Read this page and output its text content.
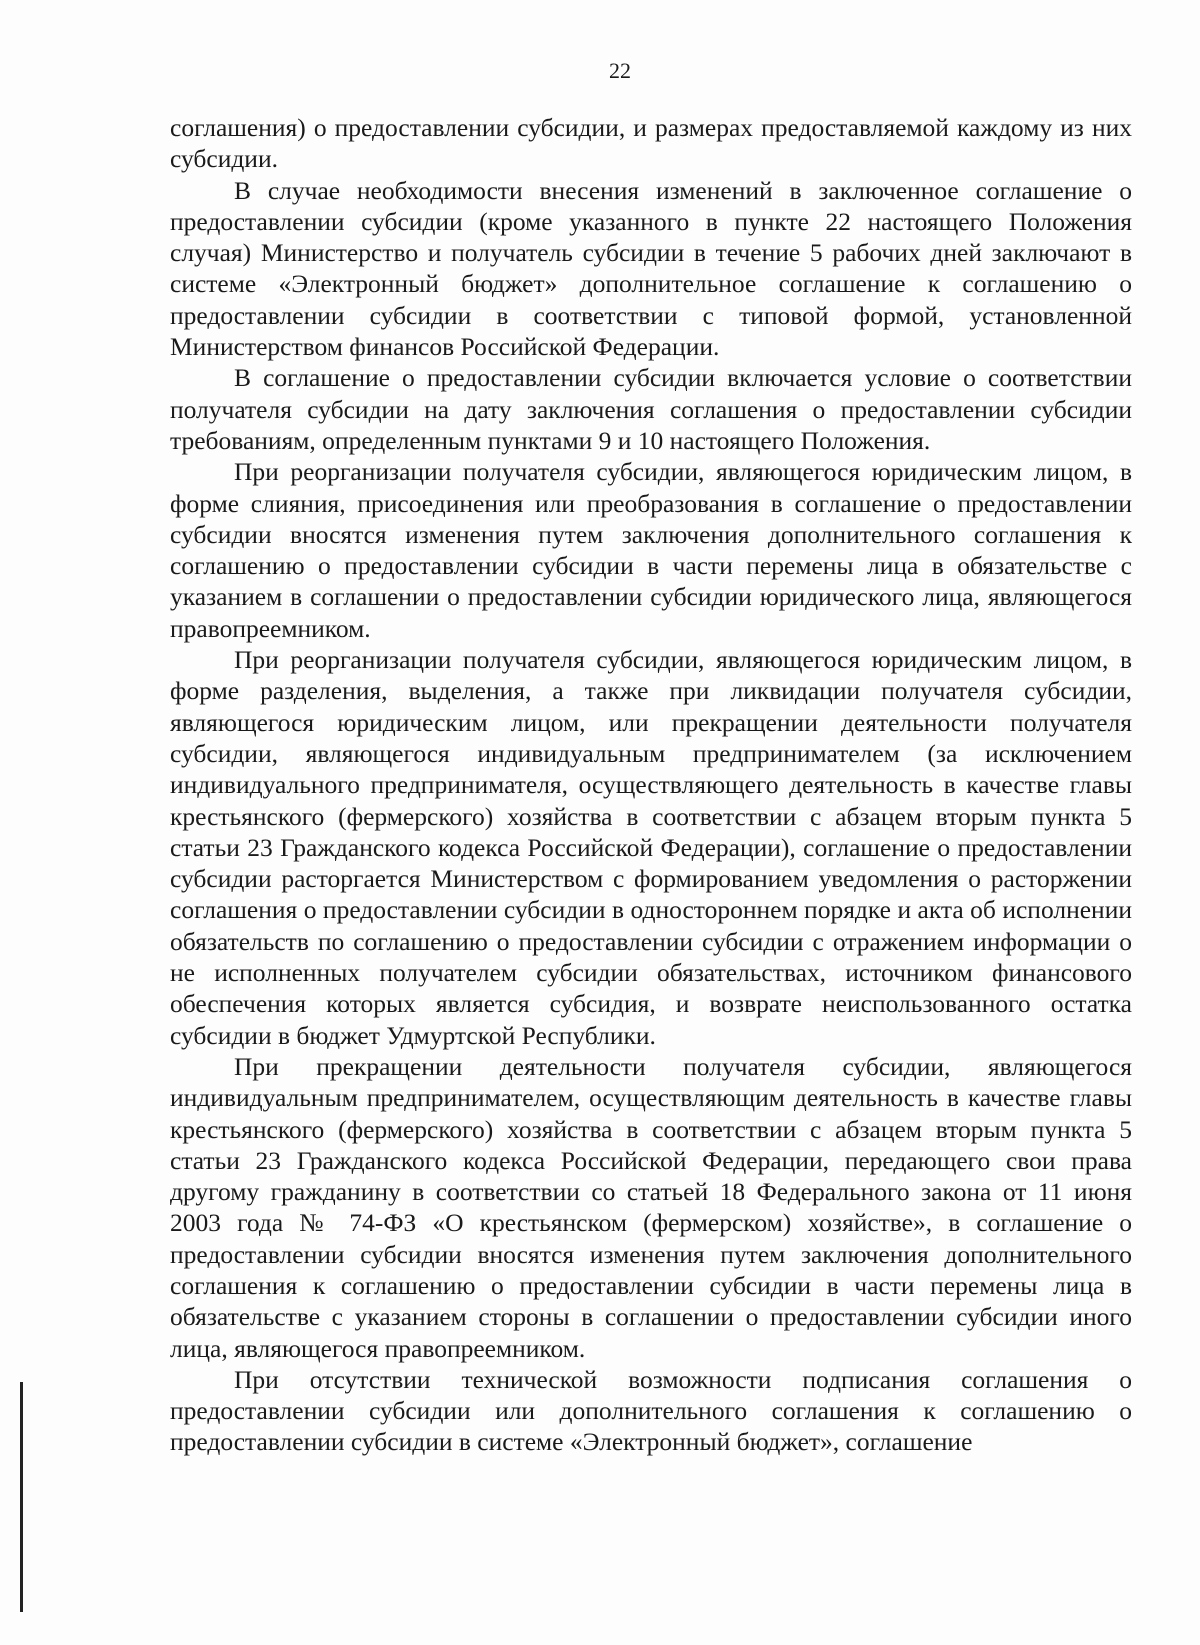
22

соглашения) о предоставлении субсидии, и размерах предоставляемой каждому из них субсидии.

В случае необходимости внесения изменений в заключенное соглашение о предоставлении субсидии (кроме указанного в пункте 22 настоящего Положения случая) Министерство и получатель субсидии в течение 5 рабочих дней заключают в системе «Электронный бюджет» дополнительное соглашение к соглашению о предоставлении субсидии в соответствии с типовой формой, установленной Министерством финансов Российской Федерации.

В соглашение о предоставлении субсидии включается условие о соответствии получателя субсидии на дату заключения соглашения о предоставлении субсидии требованиям, определенным пунктами 9 и 10 настоящего Положения.

При реорганизации получателя субсидии, являющегося юридическим лицом, в форме слияния, присоединения или преобразования в соглашение о предоставлении субсидии вносятся изменения путем заключения дополнительного соглашения к соглашению о предоставлении субсидии в части перемены лица в обязательстве с указанием в соглашении о предоставлении субсидии юридического лица, являющегося правопреемником.

При реорганизации получателя субсидии, являющегося юридическим лицом, в форме разделения, выделения, а также при ликвидации получателя субсидии, являющегося юридическим лицом, или прекращении деятельности получателя субсидии, являющегося индивидуальным предпринимателем (за исключением индивидуального предпринимателя, осуществляющего деятельность в качестве главы крестьянского (фермерского) хозяйства в соответствии с абзацем вторым пункта 5 статьи 23 Гражданского кодекса Российской Федерации), соглашение о предоставлении субсидии расторгается Министерством с формированием уведомления о расторжении соглашения о предоставлении субсидии в одностороннем порядке и акта об исполнении обязательств по соглашению о предоставлении субсидии с отражением информации о не исполненных получателем субсидии обязательствах, источником финансового обеспечения которых является субсидия, и возврате неиспользованного остатка субсидии в бюджет Удмуртской Республики.

При прекращении деятельности получателя субсидии, являющегося индивидуальным предпринимателем, осуществляющим деятельность в качестве главы крестьянского (фермерского) хозяйства в соответствии с абзацем вторым пункта 5 статьи 23 Гражданского кодекса Российской Федерации, передающего свои права другому гражданину в соответствии со статьей 18 Федерального закона от 11 июня 2003 года № 74-ФЗ «О крестьянском (фермерском) хозяйстве», в соглашение о предоставлении субсидии вносятся изменения путем заключения дополнительного соглашения к соглашению о предоставлении субсидии в части перемены лица в обязательстве с указанием стороны в соглашении о предоставлении субсидии иного лица, являющегося правопреемником.

При отсутствии технической возможности подписания соглашения о предоставлении субсидии или дополнительного соглашения к соглашению о предоставлении субсидии в системе «Электронный бюджет», соглашение
